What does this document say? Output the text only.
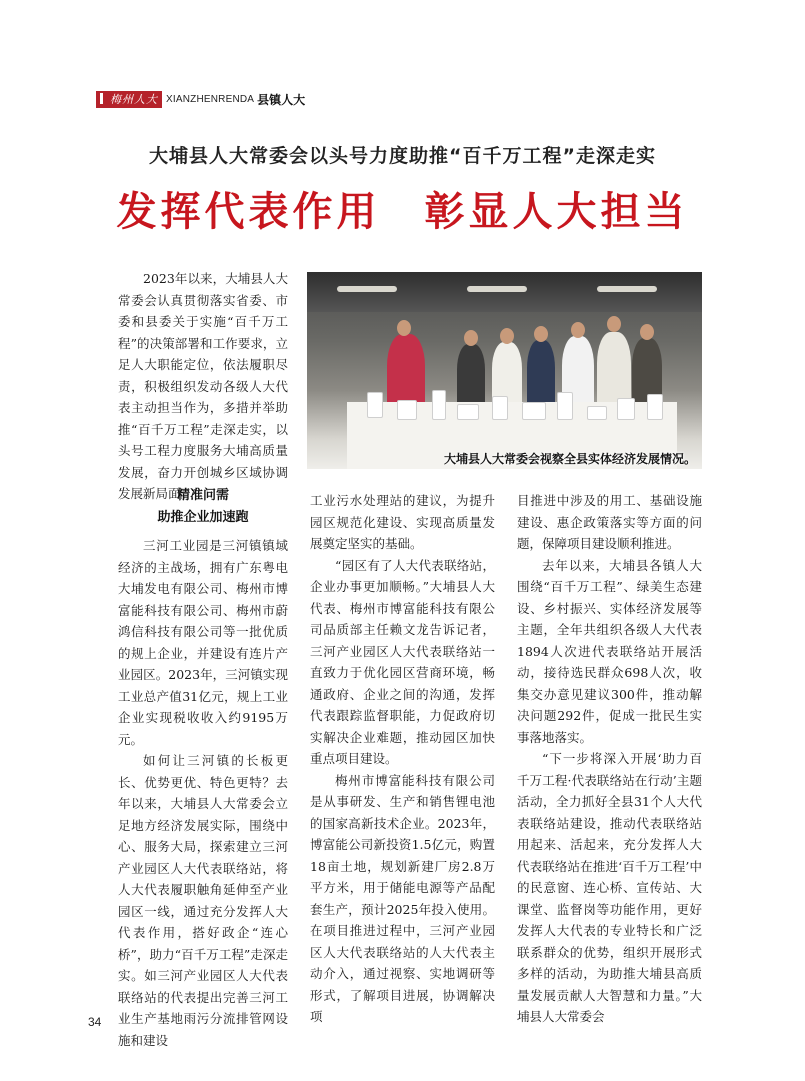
梅州人大 XIANZHENRENDA 县镇人大
大埔县人大常委会以头号力度助推“百千万工程”走深走实
发挥代表作用　彰显人大担当

2023年以来，大埔县人大常委会认真贯彻落实省委、市委和县委关于实施“百千万工程”的决策部署和工作要求，立足人大职能定位，依法履职尽责，积极组织发动各级人大代表主动担当作为，多措并举助推“百千万工程”走深走实，以头号工程力度服务大埔高质量发展，奋力开创城乡区域协调发展新局面。

大埔县人大常委会视察全县实体经济发展情况。
精准问需
助推企业加速跑

三河工业园是三河镇镇域经济的主战场，拥有广东粤电大埔发电有限公司、梅州市博富能科技有限公司、梅州市蔚鸿信科技有限公司等一批优质的规上企业，并建设有连片产业园区。2023年，三河镇实现工业总产值31亿元，规上工业企业实现税收收入约9195万元。

如何让三河镇的长板更长、优势更优、特色更特？去年以来，大埔县人大常委会立足地方经济发展实际，围绕中心、服务大局，探索建立三河产业园区人大代表联络站，将人大代表履职触角延伸至产业园区一线，通过充分发挥人大代表作用，搭好政企“连心桥”，助力“百千万工程”走深走实。如三河产业园区人大代表联络站的代表提出完善三河工业生产基地雨污分流排管网设施和建设

工业污水处理站的建议，为提升园区规范化建设、实现高质量发展奠定坚实的基础。

“园区有了人大代表联络站，企业办事更加顺畅。”大埔县人大代表、梅州市博富能科技有限公司品质部主任赖文龙告诉记者，三河产业园区人大代表联络站一直致力于优化园区营商环境，畅通政府、企业之间的沟通，发挥代表跟踪监督职能，力促政府切实解决企业难题，推动园区加快重点项目建设。

梅州市博富能科技有限公司是从事研发、生产和销售锂电池的国家高新技术企业。2023年，博富能公司新投资1.5亿元，购置18亩土地，规划新建厂房2.8万平方米，用于储能电源等产品配套生产，预计2025年投入使用。在项目推进过程中，三河产业园区人大代表联络站的人大代表主动介入，通过视察、实地调研等形式，了解项目进展，协调解决项

目推进中涉及的用工、基础设施建设、惠企政策落实等方面的问题，保障项目建设顺利推进。

去年以来，大埔县各镇人大围绕“百千万工程”、绿美生态建设、乡村振兴、实体经济发展等主题，全年共组织各级人大代表1894人次进代表联络站开展活动，接待选民群众698人次，收集交办意见建议300件，推动解决问题292件，促成一批民生实事落地落实。

“下一步将深入开展‘助力百千万工程·代表联络站在行动’主题活动，全力抓好全县31个人大代表联络站建设，推动代表联络站用起来、活起来，充分发挥人大代表联络站在推进‘百千万工程’中的民意窗、连心桥、宣传站、大课堂、监督岗等功能作用，更好发挥人大代表的专业特长和广泛联系群众的优势，组织开展形式多样的活动，为助推大埔县高质量发展贡献人大智慧和力量。”大埔县人大常委会

34
